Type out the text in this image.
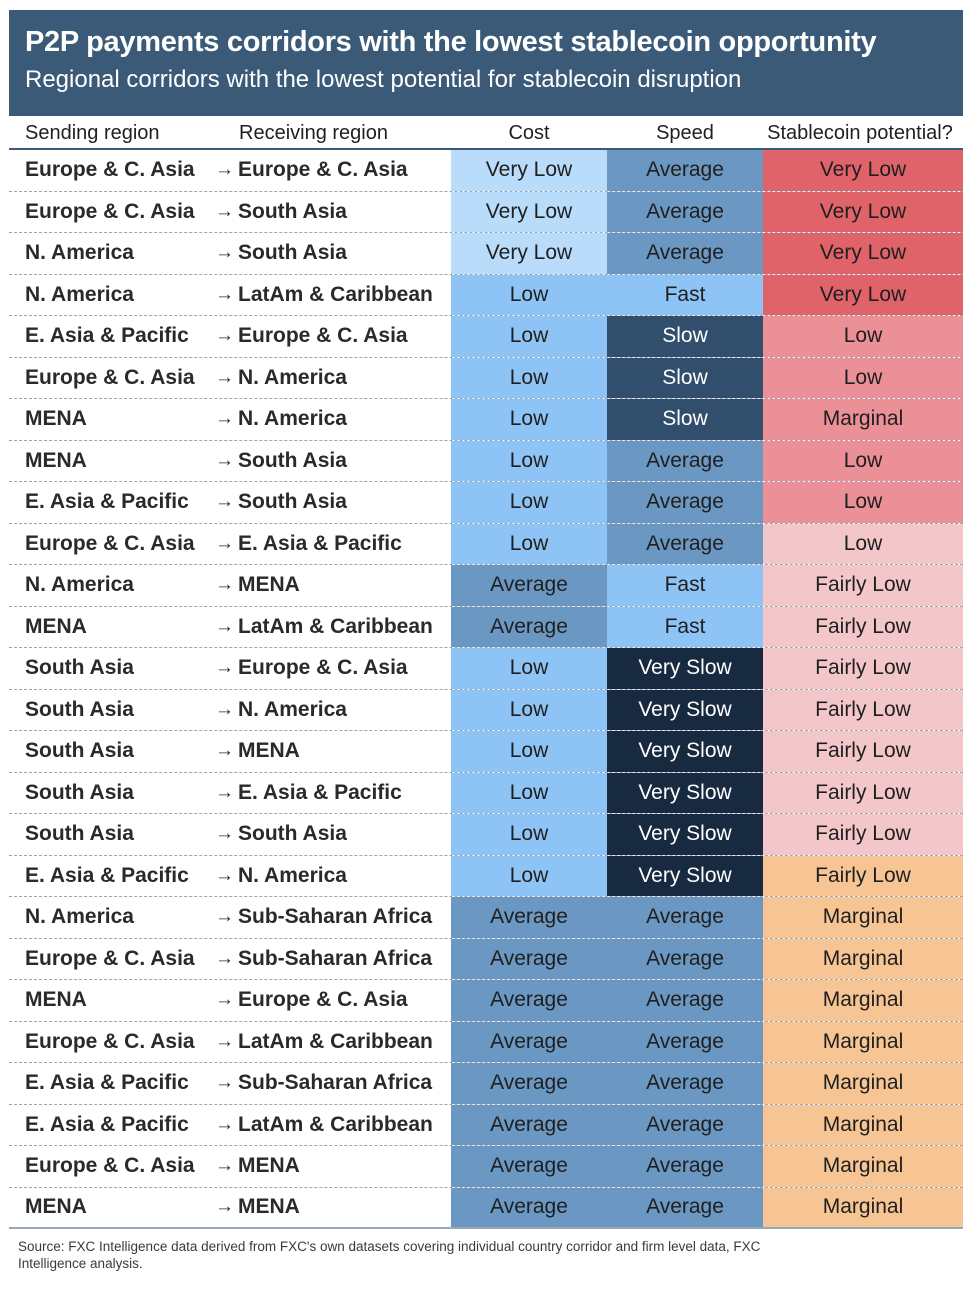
P2P payments corridors with the lowest stablecoin opportunity
Regional corridors with the lowest potential for stablecoin disruption
Sending region	Receiving region	Cost	Speed	Stablecoin potential?
Europe & C. Asia	→ Europe & C. Asia	Very Low	Average	Very Low
Europe & C. Asia	→ South Asia	Very Low	Average	Very Low
N. America	→ South Asia	Very Low	Average	Very Low
N. America	→ LatAm & Caribbean	Low	Fast	Very Low
E. Asia & Pacific	→ Europe & C. Asia	Low	Slow	Low
Europe & C. Asia	→ N. America	Low	Slow	Low
MENA	→ N. America	Low	Slow	Marginal
MENA	→ South Asia	Low	Average	Low
E. Asia & Pacific	→ South Asia	Low	Average	Low
Europe & C. Asia	→ E. Asia & Pacific	Low	Average	Low
N. America	→ MENA	Average	Fast	Fairly Low
MENA	→ LatAm & Caribbean	Average	Fast	Fairly Low
South Asia	→ Europe & C. Asia	Low	Very Slow	Fairly Low
South Asia	→ N. America	Low	Very Slow	Fairly Low
South Asia	→ MENA	Low	Very Slow	Fairly Low
South Asia	→ E. Asia & Pacific	Low	Very Slow	Fairly Low
South Asia	→ South Asia	Low	Very Slow	Fairly Low
E. Asia & Pacific	→ N. America	Low	Very Slow	Fairly Low
N. America	→ Sub-Saharan Africa	Average	Average	Marginal
Europe & C. Asia	→ Sub-Saharan Africa	Average	Average	Marginal
MENA	→ Europe & C. Asia	Average	Average	Marginal
Europe & C. Asia	→ LatAm & Caribbean	Average	Average	Marginal
E. Asia & Pacific	→ Sub-Saharan Africa	Average	Average	Marginal
E. Asia & Pacific	→ LatAm & Caribbean	Average	Average	Marginal
Europe & C. Asia	→ MENA	Average	Average	Marginal
MENA	→ MENA	Average	Average	Marginal
Source: FXC Intelligence data derived from FXC's own datasets covering individual country corridor and firm level data, FXC Intelligence analysis.
